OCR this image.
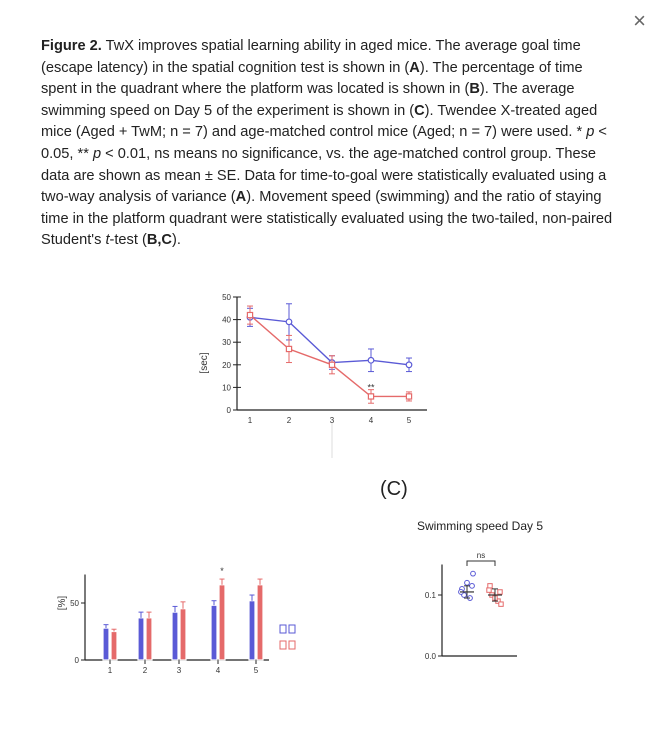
×
Figure 2. TwX improves spatial learning ability in aged mice. The average goal time (escape latency) in the spatial cognition test is shown in (A). The percentage of time spent in the quadrant where the platform was located is shown in (B). The average swimming speed on Day 5 of the experiment is shown in (C). Twendee X-treated aged mice (Aged + TwM; n = 7) and age-matched control mice (Aged; n = 7) were used. * p < 0.05, ** p < 0.01, ns means no significance, vs. the age-matched control group. These data are shown as mean ± SE. Data for time-to-goal were statistically evaluated using a two-way analysis of variance (A). Movement speed (swimming) and the ratio of staying time in the platform quadrant were statistically evaluated using the two-tailed, non-paired Student's t-test (B,C).
0
10
20
30
40
50
1	2	3	4	5
[sec]
**
0
50
1	2	3	4	5
[%]
*
Swimming speed Day 5
0.0
0.1
ns
(C)
